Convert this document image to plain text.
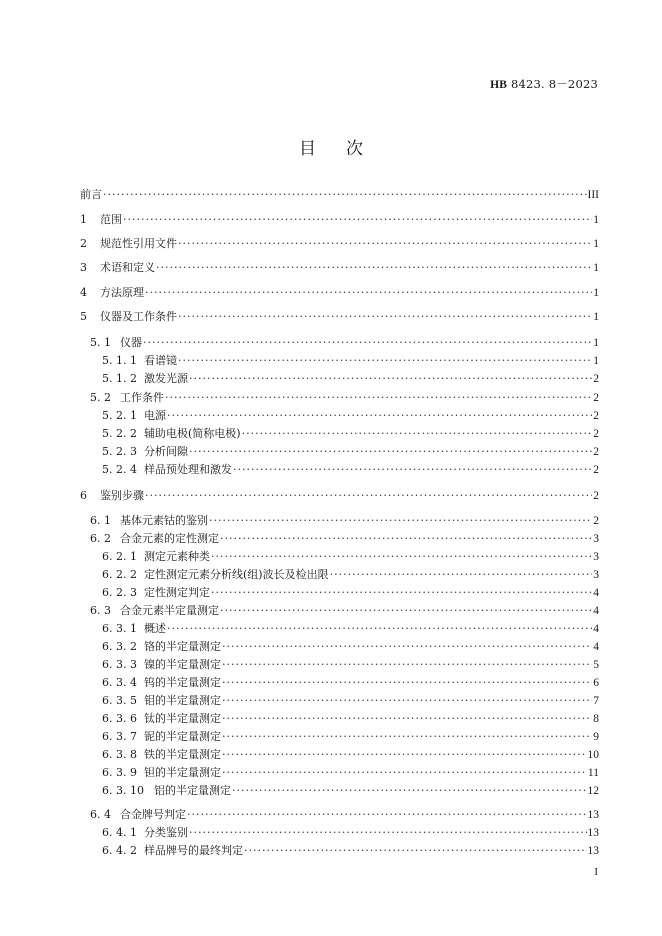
HB 8423. 8－2023
目次
前言 ·····	III
1	范围 ·····	1
2	规范性引用文件 ·····	1
3	术语和定义 ·····	1
4	方法原理 ·····	1
5	仪器及工作条件 ·····	1
5. 1 仪器 ·····	1
5. 1. 1 看谱镜 ·····	1
5. 1. 2 激发光源 ·····	2
5. 2 工作条件 ·····	2
5. 2. 1 电源 ·····	2
5. 2. 2 辅助电极(简称电极) ·····	2
5. 2. 3 分析间隙 ·····	2
5. 2. 4 样品预处理和激发 ·····	2
6	鉴别步骤 ·····	2
6. 1 基体元素钴的鉴别 ·····	2
6. 2 合金元素的定性测定 ·····	3
6. 2. 1 测定元素种类 ·····	3
6. 2. 2 定性测定元素分析线(组)波长及检出限 ·····	3
6. 2. 3 定性测定判定 ·····	4
6. 3 合金元素半定量测定 ·····	4
6. 3. 1 概述 ·····	4
6. 3. 2 铬的半定量测定 ·····	4
6. 3. 3 镍的半定量测定 ·····	5
6. 3. 4 钨的半定量测定 ·····	6
6. 3. 5 钼的半定量测定 ·····	7
6. 3. 6 钛的半定量测定 ·····	8
6. 3. 7 铌的半定量测定 ·····	9
6. 3. 8 铁的半定量测定 ·····	10
6. 3. 9 钽的半定量测定 ·····	11
6. 3. 10 铝的半定量测定 ·····	12
6. 4 合金牌号判定 ·····	13
6. 4. 1 分类鉴别 ·····	13
6. 4. 2 样品牌号的最终判定 ·····	13
I
